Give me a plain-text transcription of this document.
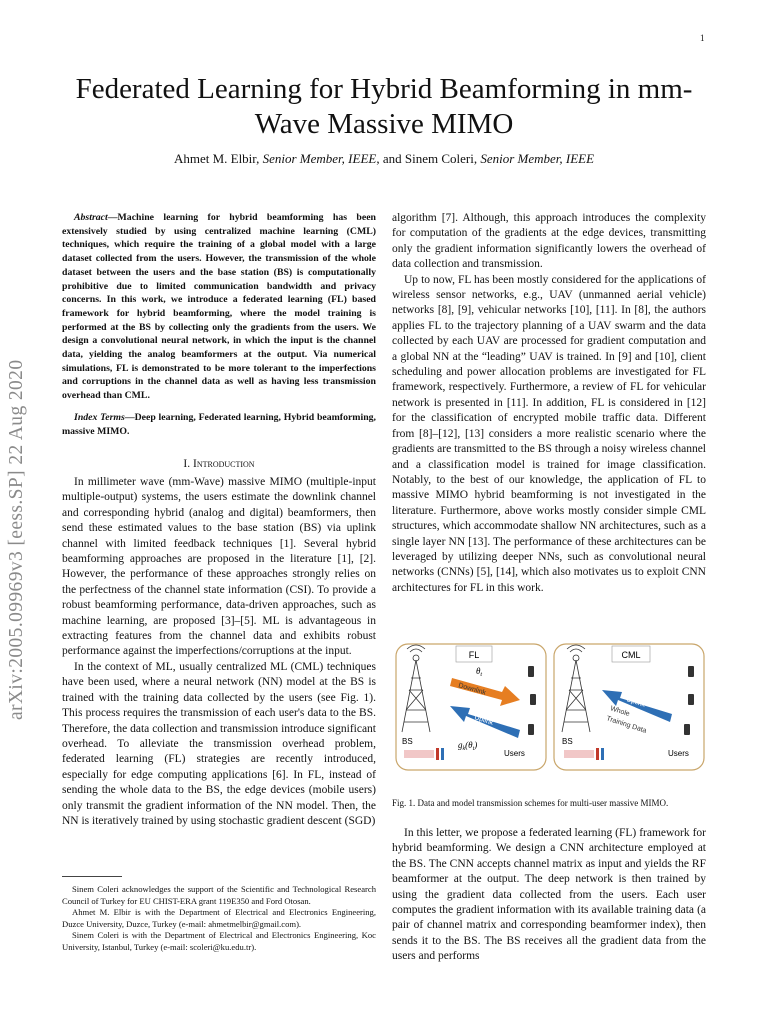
1
arXiv:2005.09969v3 [eess.SP] 22 Aug 2020
Federated Learning for Hybrid Beamforming in mm-Wave Massive MIMO
Ahmet M. Elbir, Senior Member, IEEE, and Sinem Coleri, Senior Member, IEEE

Abstract—Machine learning for hybrid beamforming has been extensively studied by using centralized machine learning (CML) techniques, which require the training of a global model with a large dataset collected from the users. However, the transmission of the whole dataset between the users and the base station (BS) is computationally prohibitive due to limited communication bandwidth and privacy concerns. In this work, we introduce a federated learning (FL) based framework for hybrid beamforming, where the model training is performed at the BS by collecting only the gradients from the users. We design a convolutional neural network, in which the input is the channel data, yielding the analog beamformers at the output. Via numerical simulations, FL is demonstrated to be more tolerant to the imperfections and corruptions in the channel data as well as having less transmission overhead than CML.

Index Terms—Deep learning, Federated learning, Hybrid beamforming, massive MIMO.

I. Introduction

In millimeter wave (mm-Wave) massive MIMO (multiple-input multiple-output) systems, the users estimate the downlink channel and corresponding hybrid (analog and digital) beamformers, then send these estimated values to the base station (BS) via uplink channel with limited feedback techniques [1]. Several hybrid beamforming approaches are proposed in the literature [1], [2]. However, the performance of these approaches strongly relies on the perfectness of the channel state information (CSI). To provide a robust beamforming performance, data-driven approaches, such as machine learning, are proposed [3]–[5]. ML is advantageous in extracting features from the channel data and exhibits robust performance against the imperfections/corruptions at the input.

In the context of ML, usually centralized ML (CML) techniques have been used, where a neural network (NN) model at the BS is trained with the training data collected by the users (see Fig. 1). This process requires the transmission of each user's data to the BS. Therefore, the data collection and transmission introduce significant overhead. To alleviate the transmission overhead problem, federated learning (FL) strategies are recently introduced, especially for edge computing applications [6]. In FL, instead of sending the whole data to the BS, the edge devices (mobile users) only transmit the gradient information of the NN model. Then, the NN is iteratively trained by using stochastic gradient descent (SGD)

Sinem Coleri acknowledges the support of the Scientific and Technological Research Council of Turkey for EU CHIST-ERA grant 119E350 and Ford Otosan.

Ahmet M. Elbir is with the Department of Electrical and Electronics Engineering, Duzce University, Duzce, Turkey (e-mail: ahmetmelbir@gmail.com).

Sinem Coleri is with the Department of Electrical and Electronics Engineering, Koc University, Istanbul, Turkey (e-mail: scoleri@ku.edu.tr).

algorithm [7]. Although, this approach introduces the complexity for computation of the gradients at the edge devices, transmitting only the gradient information significantly lowers the overhead of data collection and transmission.

Up to now, FL has been mostly considered for the applications of wireless sensor networks, e.g., UAV (unmanned aerial vehicle) networks [8], [9], vehicular networks [10], [11]. In [8], the authors applies FL to the trajectory planning of a UAV swarm and the data collected by each UAV are processed for gradient computation and a global NN at the “leading” UAV is trained. In [9] and [10], client scheduling and power allocation problems are investigated for FL framework, respectively. Furthermore, a review of FL for vehicular network is presented in [11]. In addition, FL is considered in [12] for the classification of encrypted mobile traffic data. Different from [8]–[12], [13] considers a more realistic scenario where the gradients are transmitted to the BS through a noisy wireless channel and a classification model is trained for image classification. Notably, to the best of our knowledge, the application of FL to massive MIMO hybrid beamforming is not investigated in the literature. Furthermore, above works mostly consider simple CML structures, which accommodate shallow NN architectures, such as a single layer NN [13]. The performance of these architectures can be leveraged by utilizing deeper NNs, such as convolutional neural networks (CNNs) [5], [14], which also motivates us to exploit CNN architectures for FL in this work.

FL
BS
Downlink
Uplink
$\theta_t$
$g_k(\theta_t)$
Users
CML
BS
Uplink
Whole
Training Data
Users
Fig. 1. Data and model transmission schemes for multi-user massive MIMO.

In this letter, we propose a federated learning (FL) framework for hybrid beamforming. We design a CNN architecture employed at the BS. The CNN accepts channel matrix as input and yields the RF beamformer at the output. The deep network is then trained by using the gradient data collected from the users. Each user computes the gradient information with its available training data (a pair of channel matrix and corresponding beamformer index), then sends it to the BS. The BS receives all the gradient data from the users and performs
